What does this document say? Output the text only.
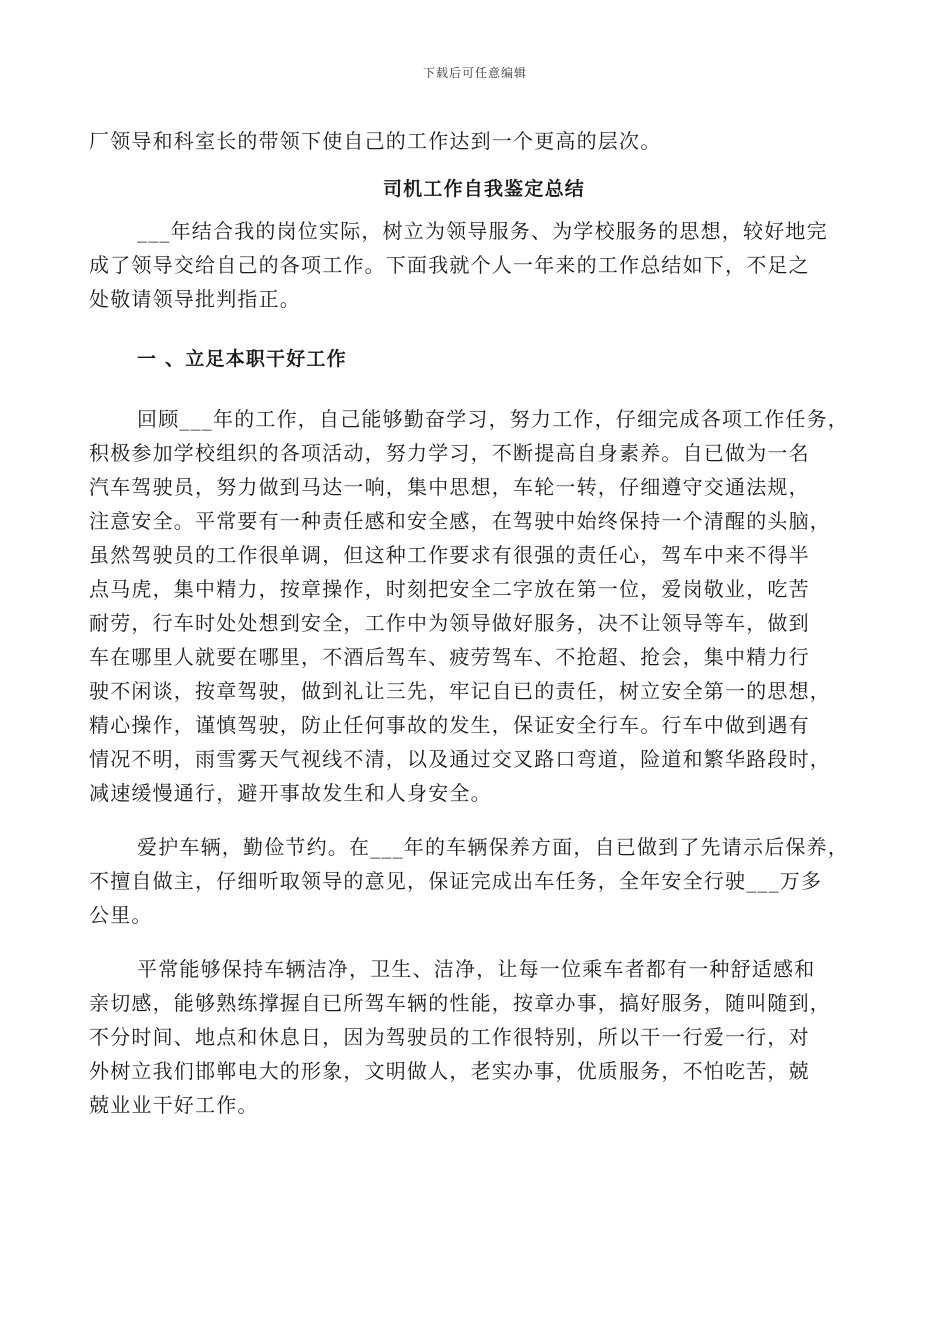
下载后可任意编辑
厂领导和科室长的带领下使自己的工作达到一个更高的层次。
司机工作自我鉴定总结
___年结合我的岗位实际，树立为领导服务、为学校服务的思想，较好地完
成了领导交给自己的各项工作。下面我就个人一年来的工作总结如下，不足之
处敬请领导批判指正。
一 、立足本职干好工作
回顾___年的工作，自己能够勤奋学习，努力工作，仔细完成各项工作任务，
积极参加学校组织的各项活动，努力学习，不断提高自身素养。自已做为一名
汽车驾驶员，努力做到马达一响，集中思想，车轮一转，仔细遵守交通法规，
注意安全。平常要有一种责任感和安全感，在驾驶中始终保持一个清醒的头脑，
虽然驾驶员的工作很单调，但这种工作要求有很强的责任心，驾车中来不得半
点马虎，集中精力，按章操作，时刻把安全二字放在第一位，爱岗敬业，吃苦
耐劳，行车时处处想到安全，工作中为领导做好服务，决不让领导等车，做到
车在哪里人就要在哪里，不酒后驾车、疲劳驾车、不抢超、抢会，集中精力行
驶不闲谈，按章驾驶，做到礼让三先，牢记自已的责任，树立安全第一的思想，
精心操作，谨慎驾驶，防止任何事故的发生，保证安全行车。行车中做到遇有
情况不明，雨雪雾天气视线不清，以及通过交叉路口弯道，险道和繁华路段时，
减速缓慢通行，避开事故发生和人身安全。
爱护车辆，勤俭节约。在___年的车辆保养方面，自已做到了先请示后保养，
不擅自做主，仔细听取领导的意见，保证完成出车任务，全年安全行驶___万多
公里。
平常能够保持车辆洁净，卫生、洁净，让每一位乘车者都有一种舒适感和
亲切感，能够熟练撑握自已所驾车辆的性能，按章办事，搞好服务，随叫随到，
不分时间、地点和休息日，因为驾驶员的工作很特别，所以干一行爱一行，对
外树立我们邯郸电大的形象，文明做人，老实办事，优质服务，不怕吃苦，兢
兢业业干好工作。
